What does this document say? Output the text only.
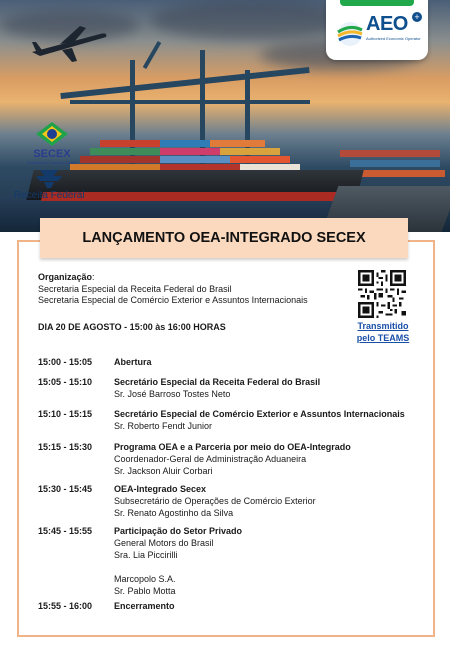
SECEX
Secretaria de Comércio Exterior
Receita Federal
AEO +
Authorized Economic Operator
LANÇAMENTO OEA-INTEGRADO SECEX
Organização:
Secretaria Especial da Receita Federal do Brasil
Secretaria Especial de Comércio Exterior e Assuntos Internacionais
DIA 20 DE AGOSTO - 15:00 às 16:00 HORAS	Transmitido
pelo TEAMS
15:00 - 15:05 Abertura
15:05 - 15:10 Secretário Especial da Receita Federal do Brasil
Sr. José Barroso Tostes Neto
15:10 - 15:15 Secretário Especial de Comércio Exterior e Assuntos Internacionais
Sr. Roberto Fendt Junior
15:15 - 15:30 Programa OEA e a Parceria por meio do OEA-Integrado
Coordenador-Geral de Administração Aduaneira
Sr. Jackson Aluir Corbari
15:30 - 15:45 OEA-Integrado Secex
Subsecretário de Operações de Comércio Exterior
Sr. Renato Agostinho da Silva
15:45 - 15:55 Participação do Setor Privado
General Motors do Brasil
Sra. Lia Piccirilli
Marcopolo S.A.
Sr. Pablo Motta
15:55 - 16:00 Encerramento
